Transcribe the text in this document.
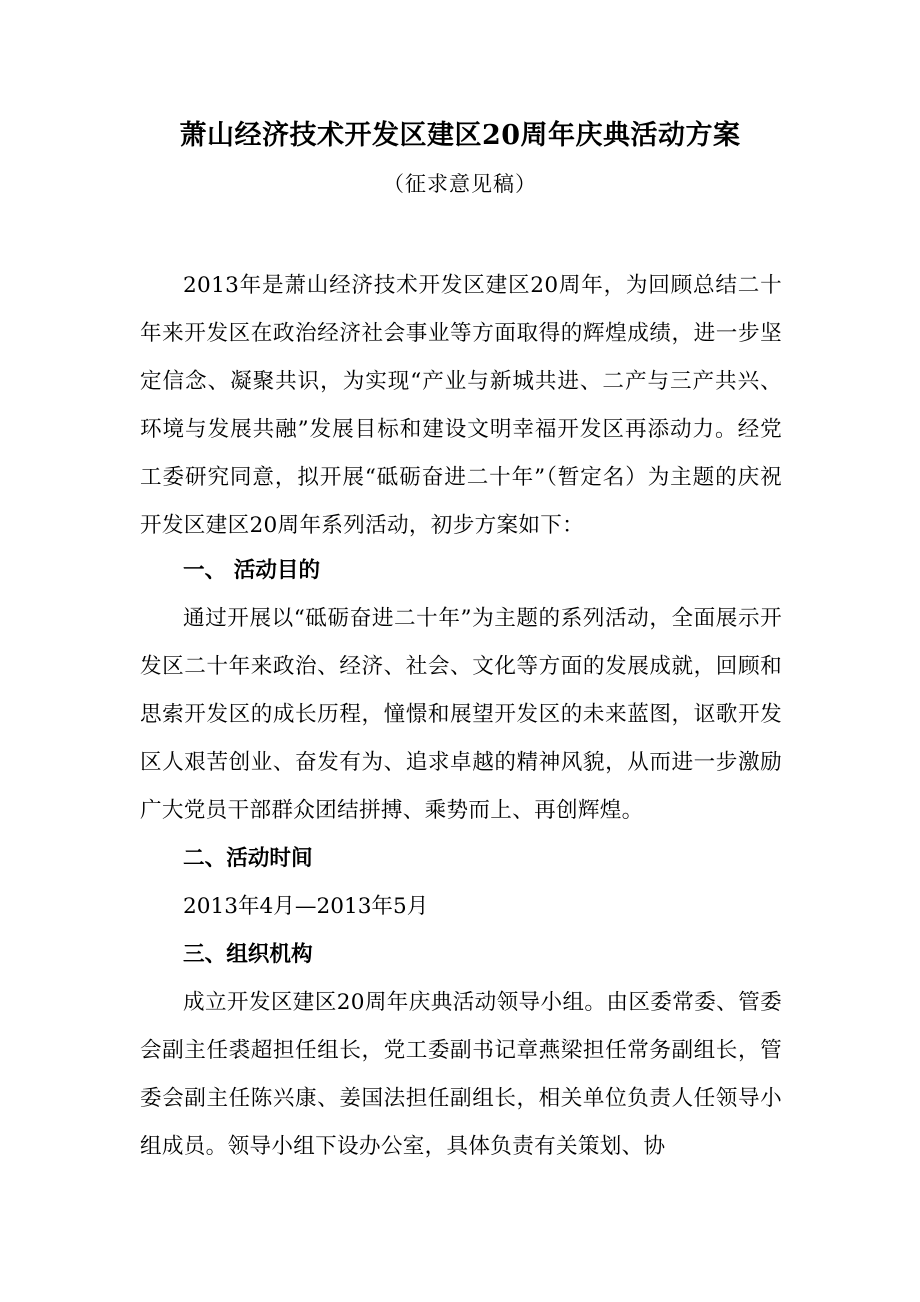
萧山经济技术开发区建区20周年庆典活动方案
（征求意见稿）
2013年是萧山经济技术开发区建区20周年，为回顾总结二十年来开发区在政治经济社会事业等方面取得的辉煌成绩，进一步坚定信念、凝聚共识，为实现“产业与新城共进、二产与三产共兴、环境与发展共融”发展目标和建设文明幸福开发区再添动力。经党工委研究同意，拟开展“砥砺奋进二十年”（暂定名）为主题的庆祝开发区建区20周年系列活动，初步方案如下：
一、 活动目的
通过开展以“砥砺奋进二十年”为主题的系列活动，全面展示开发区二十年来政治、经济、社会、文化等方面的发展成就，回顾和思索开发区的成长历程，憧憬和展望开发区的未来蓝图，讴歌开发区人艰苦创业、奋发有为、追求卓越的精神风貌，从而进一步激励广大党员干部群众团结拼搏、乘势而上、再创辉煌。
二、活动时间
2013年4月—2013年5月
三、组织机构
成立开发区建区20周年庆典活动领导小组。由区委常委、管委会副主任裘超担任组长，党工委副书记章燕梁担任常务副组长，管委会副主任陈兴康、姜国法担任副组长，相关单位负责人任领导小组成员。领导小组下设办公室，具体负责有关策划、协
